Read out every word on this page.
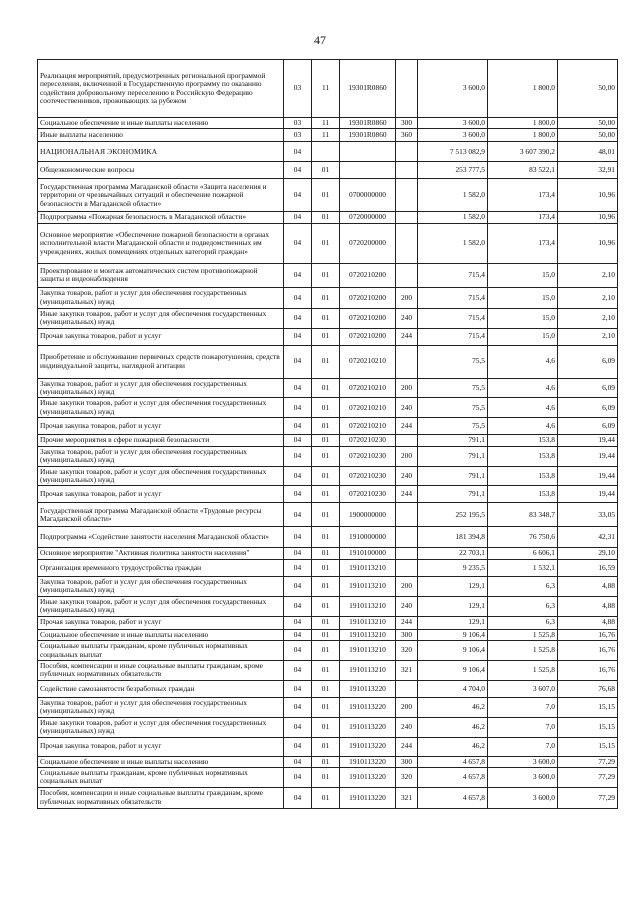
47
Реализация мероприятий, предусмотренных региональной программой переселения, включенной в Государственную программу по оказанию содействия добровольному переселению в Российскую Федерацию соотечественников, проживающих за рубежом	03	11	19301R0860		3 600,0	1 800,0	50,00
Социальное обеспечение и иные выплаты населению	03	11	19301R0860	300	3 600,0	1 800,0	50,00
Иные выплаты населению	03	11	19301R0860	360	3 600,0	1 800,0	50,00
НАЦИОНАЛЬНАЯ ЭКОНОМИКА	04				7 513 082,9	3 607 390,2	48,01
Общеэкономические вопросы	04	01			253 777,5	83 522,1	32,91
Государственная программа Магаданской области «Защита населения и территории от чрезвычайных ситуаций и обеспечение пожарной безопасности в Магаданской области»	04	01	0700000000		1 582,0	173,4	10,96
Подпрограмма «Пожарная безопасность в Магаданской области»	04	01	0720000000		1 582,0	173,4	10,96
Основное мероприятие «Обеспечение пожарной безопасности в органах исполнительной власти Магаданской области и подведомственных им учреждениях, жилых помещениях отдельных категорий граждан»	04	01	0720200000		1 582,0	173,4	10,96
Проектирование и монтаж автоматических систем противопожарной защиты и видеонаблюдения	04	01	0720210200		715,4	15,0	2,10
Закупка товаров, работ и услуг для обеспечения государственных (муниципальных) нужд	04	01	0720210200	200	715,4	15,0	2,10
Иные закупки товаров, работ и услуг для обеспечения государственных (муниципальных) нужд	04	01	0720210200	240	715,4	15,0	2,10
Прочая закупка товаров, работ и услуг	04	01	0720210200	244	715,4	15,0	2,10
Приобретение и обслуживание первичных средств пожаротушения, средств индивидуальной защиты, наглядной агитации	04	01	0720210210		75,5	4,6	6,09
Закупка товаров, работ и услуг для обеспечения государственных (муниципальных) нужд	04	01	0720210210	200	75,5	4,6	6,09
Иные закупки товаров, работ и услуг для обеспечения государственных (муниципальных) нужд	04	01	0720210210	240	75,5	4,6	6,09
Прочая закупка товаров, работ и услуг	04	01	0720210210	244	75,5	4,6	6,09
Прочие мероприятия в сфере пожарной безопасности	04	01	0720210230		791,1	153,8	19,44
Закупка товаров, работ и услуг для обеспечения государственных (муниципальных) нужд	04	01	0720210230	200	791,1	153,8	19,44
Иные закупки товаров, работ и услуг для обеспечения государственных (муниципальных) нужд	04	01	0720210230	240	791,1	153,8	19,44
Прочая закупка товаров, работ и услуг	04	01	0720210230	244	791,1	153,8	19,44
Государственная программа Магаданской области «Трудовые ресурсы Магаданской области»	04	01	1900000000		252 195,5	83 348,7	33,05
Подпрограмма «Содействие занятости населения Магаданской области»	04	01	1910000000		181 394,8	76 750,6	42,31
Основное мероприятие "Активная политика занятости населения"	04	01	1910100000		22 703,1	6 606,1	29,10
Организация временного трудоустройства граждан	04	01	1910113210		9 235,5	1 532,1	16,59
Закупка товаров, работ и услуг для обеспечения государственных (муниципальных) нужд	04	01	1910113210	200	129,1	6,3	4,88
Иные закупки товаров, работ и услуг для обеспечения государственных (муниципальных) нужд	04	01	1910113210	240	129,1	6,3	4,88
Прочая закупка товаров, работ и услуг	04	01	1910113210	244	129,1	6,3	4,88
Социальное обеспечение и иные выплаты населению	04	01	1910113210	300	9 106,4	1 525,8	16,76
Социальные выплаты гражданам, кроме публичных нормативных социальных выплат	04	01	1910113210	320	9 106,4	1 525,8	16,76
Пособия, компенсации и иные социальные выплаты гражданам, кроме публичных нормативных обязательств	04	01	1910113210	321	9 106,4	1 525,8	16,76
Содействие самозанятости безработных граждан	04	01	1910113220		4 704,0	3 607,0	76,68
Закупка товаров, работ и услуг для обеспечения государственных (муниципальных) нужд	04	01	1910113220	200	46,2	7,0	15,15
Иные закупки товаров, работ и услуг для обеспечения государственных (муниципальных) нужд	04	01	1910113220	240	46,2	7,0	15,15
Прочая закупка товаров, работ и услуг	04	01	1910113220	244	46,2	7,0	15,15
Социальное обеспечение и иные выплаты населению	04	01	1910113220	300	4 657,8	3 600,0	77,29
Социальные выплаты гражданам, кроме публичных нормативных социальных выплат	04	01	1910113220	320	4 657,8	3 600,0	77,29
Пособия, компенсации и иные социальные выплаты гражданам, кроме публичных нормативных обязательств	04	01	1910113220	321	4 657,8	3 600,0	77,29
